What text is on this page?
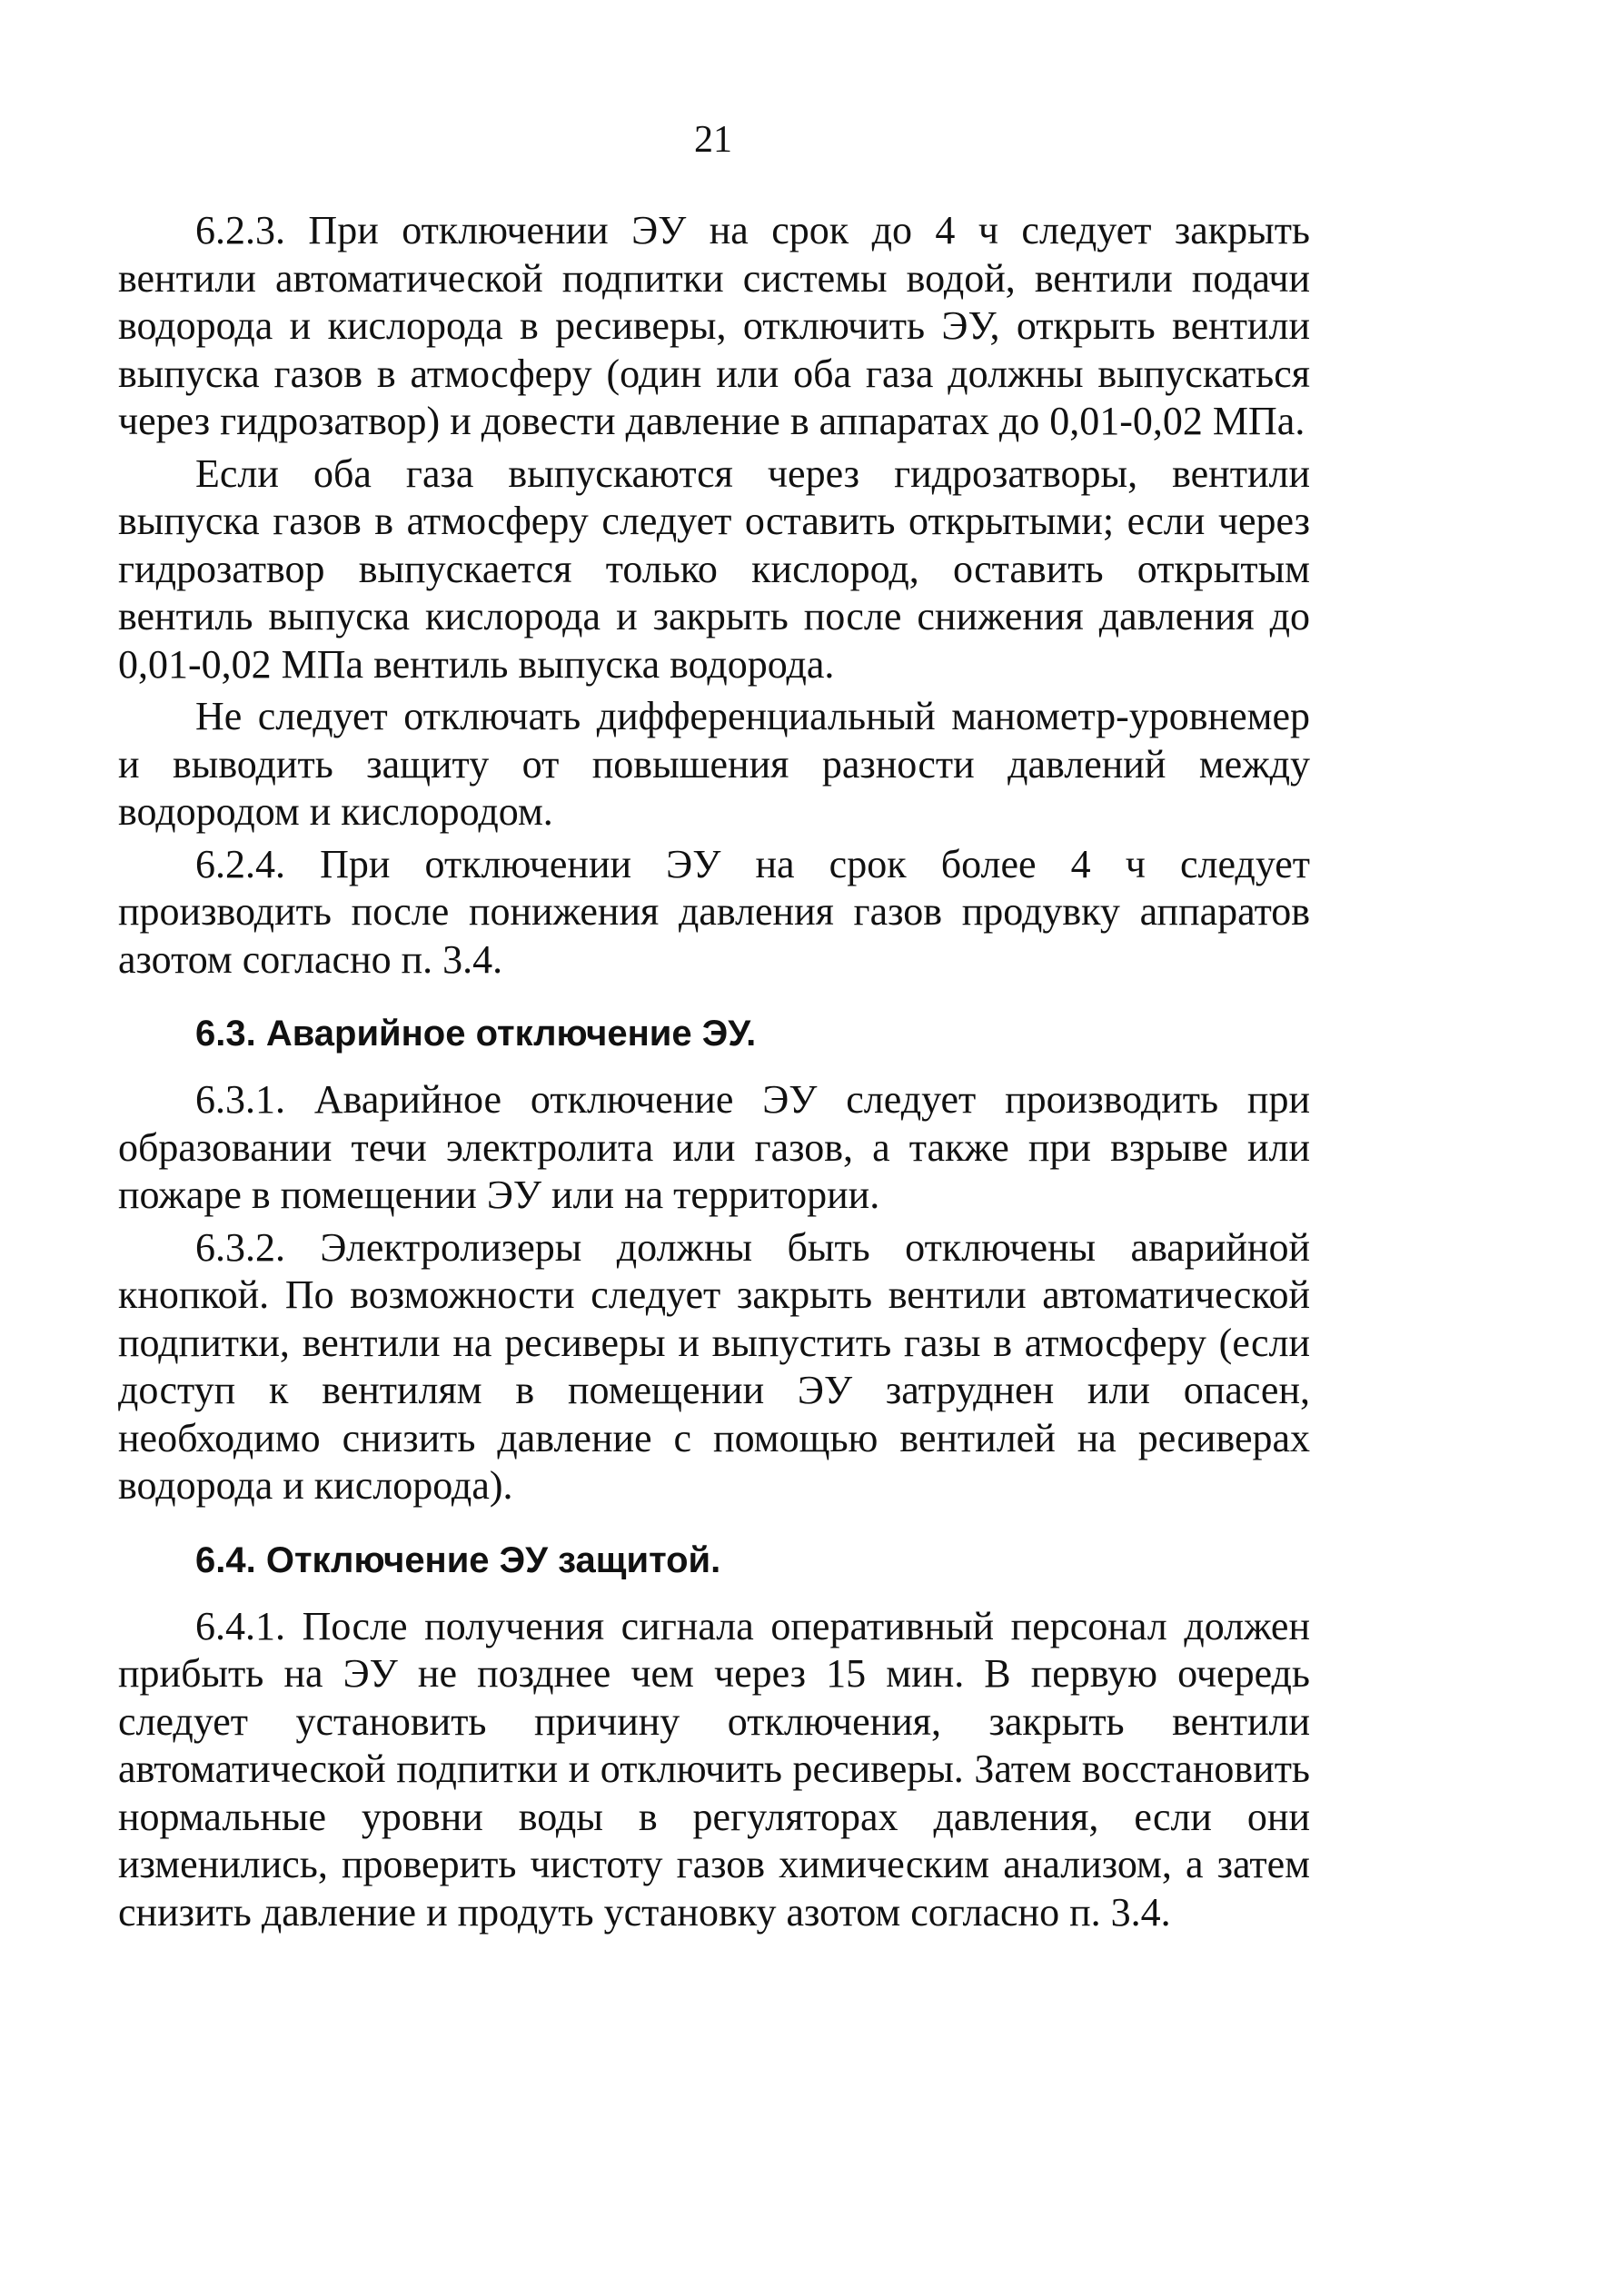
21

6.2.3. При отключении ЭУ на срок до 4 ч следует закрыть вентили автоматической подпитки системы водой, вентили подачи водорода и кислорода в ресиверы, отключить ЭУ, открыть вентили выпуска газов в атмосферу (один или оба газа должны выпускаться через гидрозатвор) и довести давление в аппаратах до 0,01-0,02 МПа.

Если оба газа выпускаются через гидрозатворы, вентили выпуска газов в атмосферу следует оставить открытыми; если через гидрозатвор выпускается только кислород, оставить открытым вентиль выпуска кислорода и закрыть после снижения давления до 0,01-0,02 МПа вентиль выпуска водорода.

Не следует отключать дифференциальный манометр-уровнемер и выводить защиту от повышения разности давлений между водородом и кислородом.

6.2.4. При отключении ЭУ на срок более 4 ч следует производить после понижения давления газов продувку аппаратов азотом согласно п. 3.4.

6.3. Аварийное отключение ЭУ.

6.3.1. Аварийное отключение ЭУ следует производить при образовании течи электролита или газов, а также при взрыве или пожаре в помещении ЭУ или на территории.

6.3.2. Электролизеры должны быть отключены аварийной кнопкой. По возможности следует закрыть вентили автоматической подпитки, вентили на ресиверы и выпустить газы в атмосферу (если доступ к вентилям в помещении ЭУ затруднен или опасен, необходимо снизить давление с помощью вентилей на ресиверах водорода и кислорода).

6.4. Отключение ЭУ защитой.

6.4.1. После получения сигнала оперативный персонал должен прибыть на ЭУ не позднее чем через 15 мин. В первую очередь следует установить причину отключения, закрыть вентили автоматической подпитки и отключить ресиверы. Затем восстановить нормальные уровни воды в регуляторах давления, если они изменились, проверить чистоту газов химическим анализом, а затем снизить давление и продуть установку азотом согласно п. 3.4.
